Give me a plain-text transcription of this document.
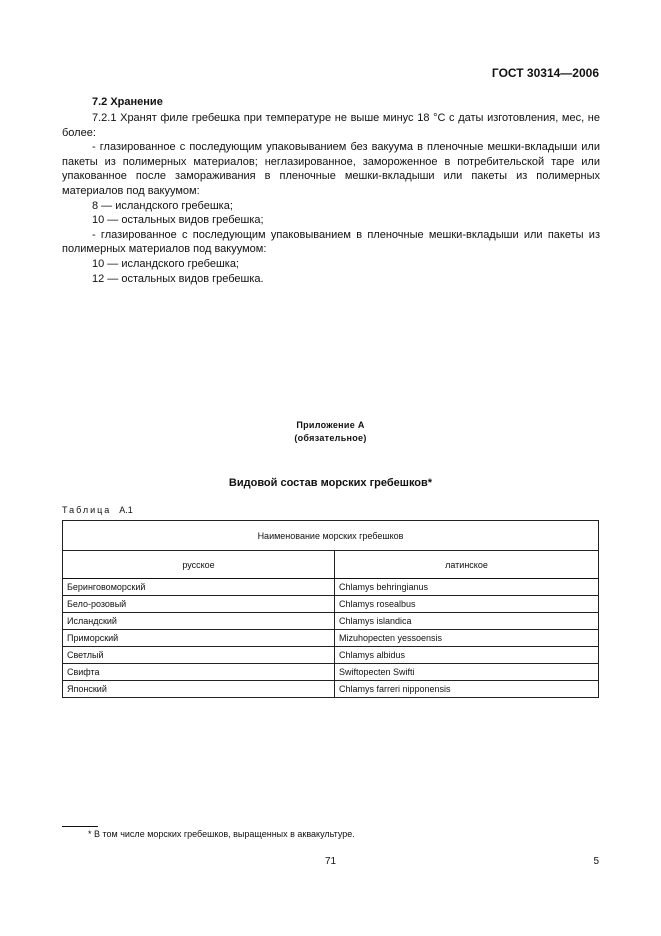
ГОСТ 30314—2006
7.2 Хранение

7.2.1 Хранят филе гребешка при температуре не выше минус 18 °С с даты изготовления, мес, не более:

- глазированное с последующим упаковыванием без вакуума в пленочные мешки-вкладыши или пакеты из полимерных материалов; неглазированное, замороженное в потребительской таре или упакованное после замораживания в пленочные мешки-вкладыши или пакеты из полимерных материалов под вакуумом:

8 — исландского гребешка;

10 — остальных видов гребешка;

- глазированное с последующим упаковыванием в пленочные мешки-вкладыши или пакеты из полимерных материалов под вакуумом:

10 — исландского гребешка;

12 — остальных видов гребешка.

Приложение А
(обязательное)
Видовой состав морских гребешков*
Таблица А.1
Наименование морских гребешков	
русское	латинское
Беринговоморский	Chlamys behringianus
Бело-розовый	Chlamys rosealbus
Исландский	Chlamys islandica
Приморский	Mizuhopecten yessoensis
Светлый	Chlamys albidus
Свифта	Swiftopecten Swifti
Японский	Chlamys farreri nipponensis
* В том числе морских гребешков, выращенных в аквакультуре.
71	5
